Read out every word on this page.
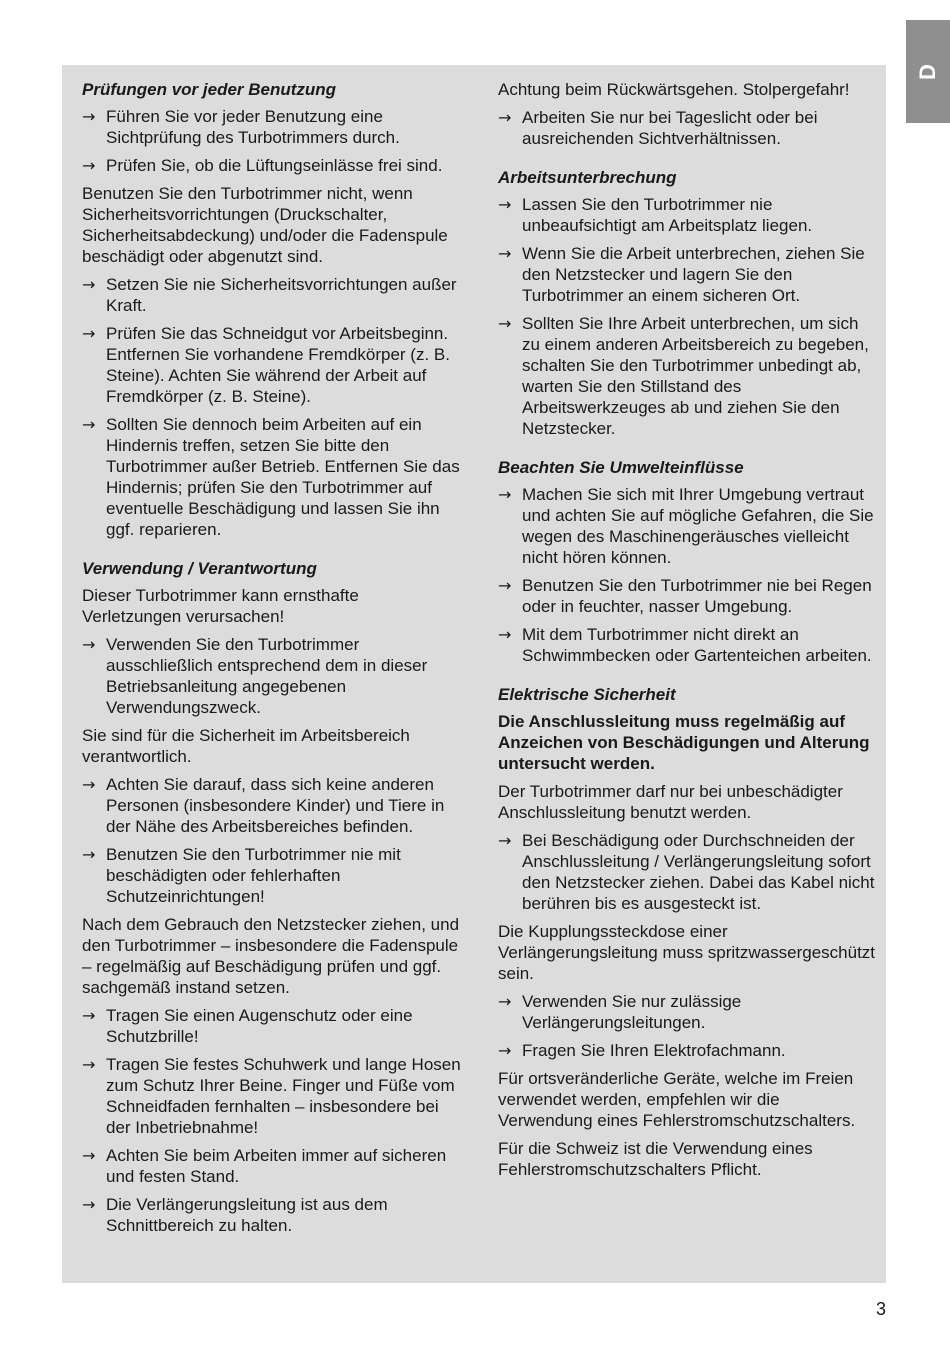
D
Prüfungen vor jeder Benutzung
→ Führen Sie vor jeder Benutzung eine Sichtprüfung des Turbotrimmers durch.
→ Prüfen Sie, ob die Lüftungseinlässe frei sind.
Benutzen Sie den Turbotrimmer nicht, wenn Sicherheitsvorrichtungen (Druckschalter, Sicherheitsabdeckung) und/oder die Fadenspule beschädigt oder abgenutzt sind.
→ Setzen Sie nie Sicherheitsvorrichtungen außer Kraft.
→ Prüfen Sie das Schneidgut vor Arbeitsbeginn. Entfernen Sie vorhandene Fremdkörper (z. B. Steine). Achten Sie während der Arbeit auf Fremdkörper (z. B. Steine).
→ Sollten Sie dennoch beim Arbeiten auf ein Hindernis treffen, setzen Sie bitte den Turbotrimmer außer Betrieb. Entfernen Sie das Hindernis; prüfen Sie den Turbotrimmer auf eventuelle Beschädigung und lassen Sie ihn ggf. reparieren.
Verwendung / Verantwortung
Dieser Turbotrimmer kann ernsthafte Verletzungen verursachen!
→ Verwenden Sie den Turbotrimmer ausschließlich entsprechend dem in dieser Betriebsanleitung angegebenen Verwendungszweck.
Sie sind für die Sicherheit im Arbeitsbereich verantwortlich.
→ Achten Sie darauf, dass sich keine anderen Personen (insbesondere Kinder) und Tiere in der Nähe des Arbeitsbereiches befinden.
→ Benutzen Sie den Turbotrimmer nie mit beschädigten oder fehlerhaften Schutzeinrichtungen!
Nach dem Gebrauch den Netzstecker ziehen, und den Turbotrimmer – insbesondere die Fadenspule – regelmäßig auf Beschädigung prüfen und ggf. sachgemäß instand setzen.
→ Tragen Sie einen Augenschutz oder eine Schutzbrille!
→ Tragen Sie festes Schuhwerk und lange Hosen zum Schutz Ihrer Beine. Finger und Füße vom Schneidfaden fernhalten – insbesondere bei der Inbetriebnahme!
→ Achten Sie beim Arbeiten immer auf sicheren und festen Stand.
→ Die Verlängerungsleitung ist aus dem Schnittbereich zu halten.
Achtung beim Rückwärtsgehen. Stolpergefahr!
→ Arbeiten Sie nur bei Tageslicht oder bei ausreichenden Sichtverhältnissen.
Arbeitsunterbrechung
→ Lassen Sie den Turbotrimmer nie unbeaufsichtigt am Arbeitsplatz liegen.
→ Wenn Sie die Arbeit unterbrechen, ziehen Sie den Netzstecker und lagern Sie den Turbotrimmer an einem sicheren Ort.
→ Sollten Sie Ihre Arbeit unterbrechen, um sich zu einem anderen Arbeitsbereich zu begeben, schalten Sie den Turbotrimmer unbedingt ab, warten Sie den Stillstand des Arbeitswerkzeuges ab und ziehen Sie den Netzstecker.
Beachten Sie Umwelteinflüsse
→ Machen Sie sich mit Ihrer Umgebung vertraut und achten Sie auf mögliche Gefahren, die Sie wegen des Maschinengeräusches vielleicht nicht hören können.
→ Benutzen Sie den Turbotrimmer nie bei Regen oder in feuchter, nasser Umgebung.
→ Mit dem Turbotrimmer nicht direkt an Schwimmbecken oder Gartenteichen arbeiten.
Elektrische Sicherheit
Die Anschlussleitung muss regelmäßig auf Anzeichen von Beschädigungen und Alterung untersucht werden.
Der Turbotrimmer darf nur bei unbeschädigter Anschlussleitung benutzt werden.
→ Bei Beschädigung oder Durchschneiden der Anschlussleitung / Verlängerungsleitung sofort den Netzstecker ziehen. Dabei das Kabel nicht berühren bis es ausgesteckt ist.
Die Kupplungssteckdose einer Verlängerungsleitung muss spritzwassergeschützt sein.
→ Verwenden Sie nur zulässige Verlängerungsleitungen.
→ Fragen Sie Ihren Elektrofachmann.
Für ortsveränderliche Geräte, welche im Freien verwendet werden, empfehlen wir die Verwendung eines Fehlerstromschutzschalters.
Für die Schweiz ist die Verwendung eines Fehlerstromschutzschalters Pflicht.
3
